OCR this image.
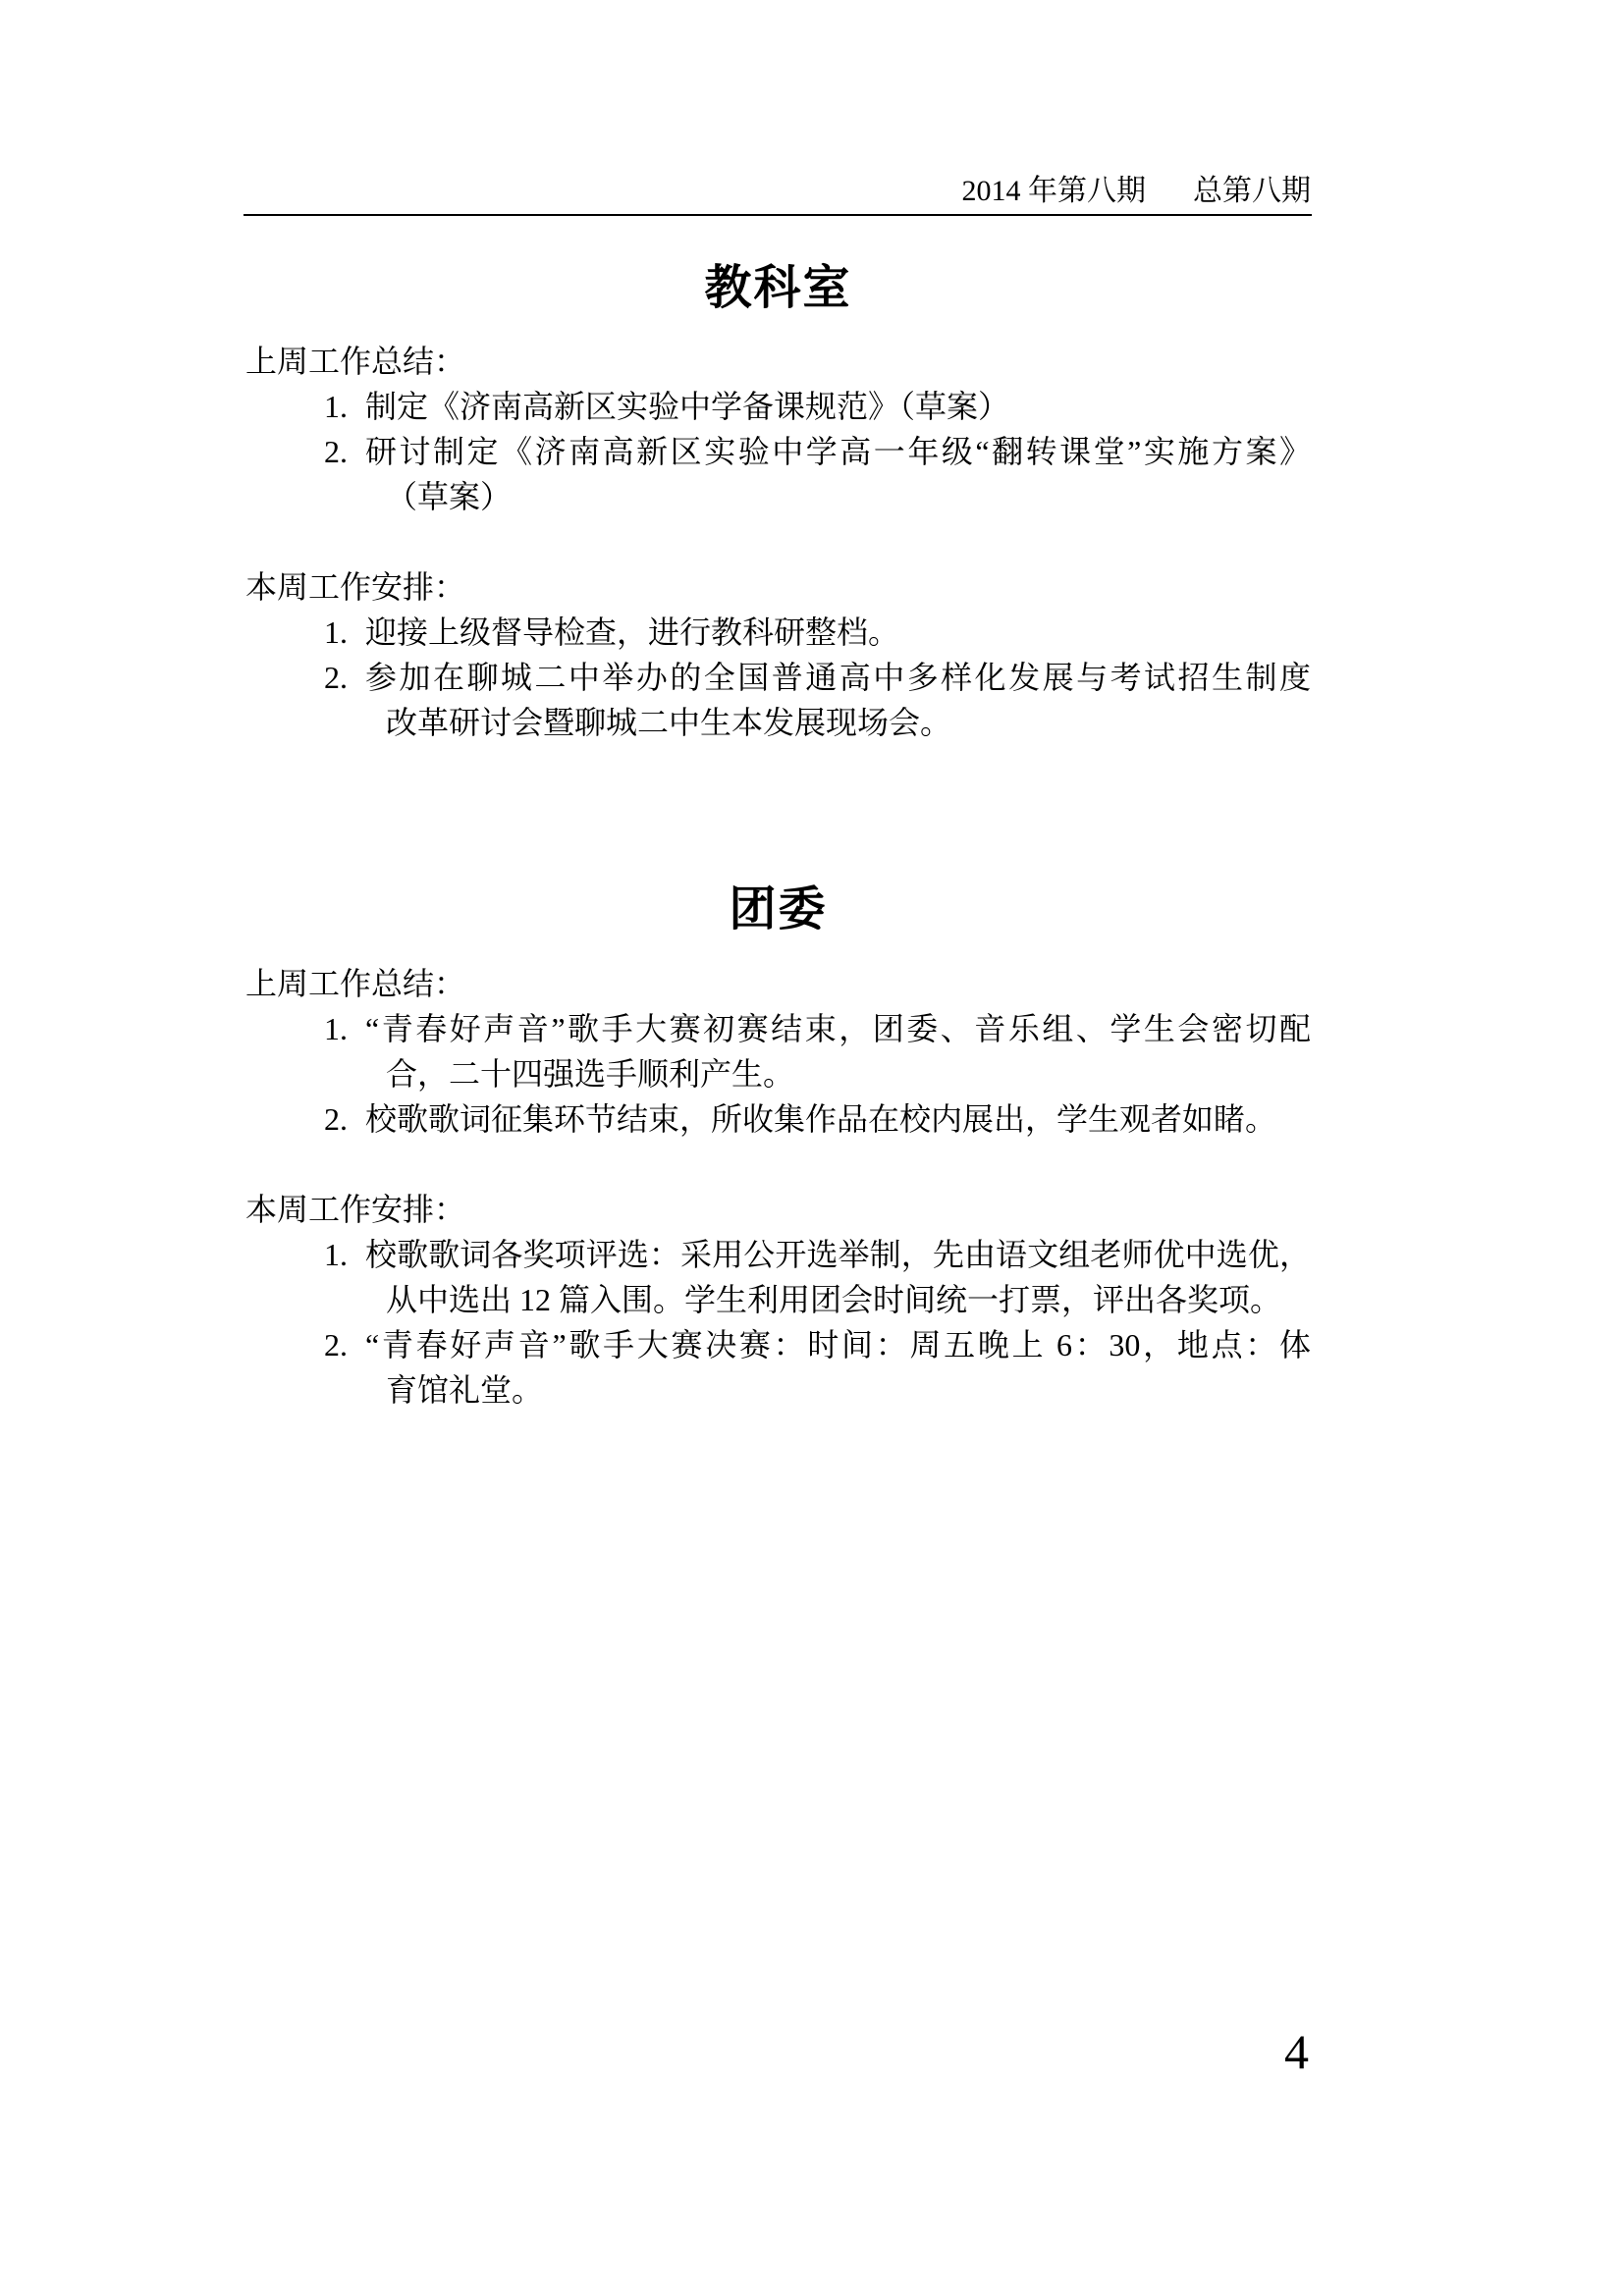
2014 年第八期 总第八期
教科室
上周工作总结：
1. 制定《济南高新区实验中学备课规范》（草案）
2. 研讨制定《济南高新区实验中学高一年级“翻转课堂”实施方案》
（草案）
本周工作安排：
1. 迎接上级督导检查，进行教科研整档。
2. 参加在聊城二中举办的全国普通高中多样化发展与考试招生制度
改革研讨会暨聊城二中生本发展现场会。
团委
上周工作总结：
1. “青春好声音”歌手大赛初赛结束，团委、音乐组、学生会密切配
合，二十四强选手顺利产生。
2. 校歌歌词征集环节结束，所收集作品在校内展出，学生观者如睹。
本周工作安排：
1. 校歌歌词各奖项评选：采用公开选举制，先由语文组老师优中选优，
从中选出 12 篇入围。学生利用团会时间统一打票，评出各奖项。
2. “青春好声音”歌手大赛决赛：时间：周五晚上 6：30，地点：体
育馆礼堂。
4
